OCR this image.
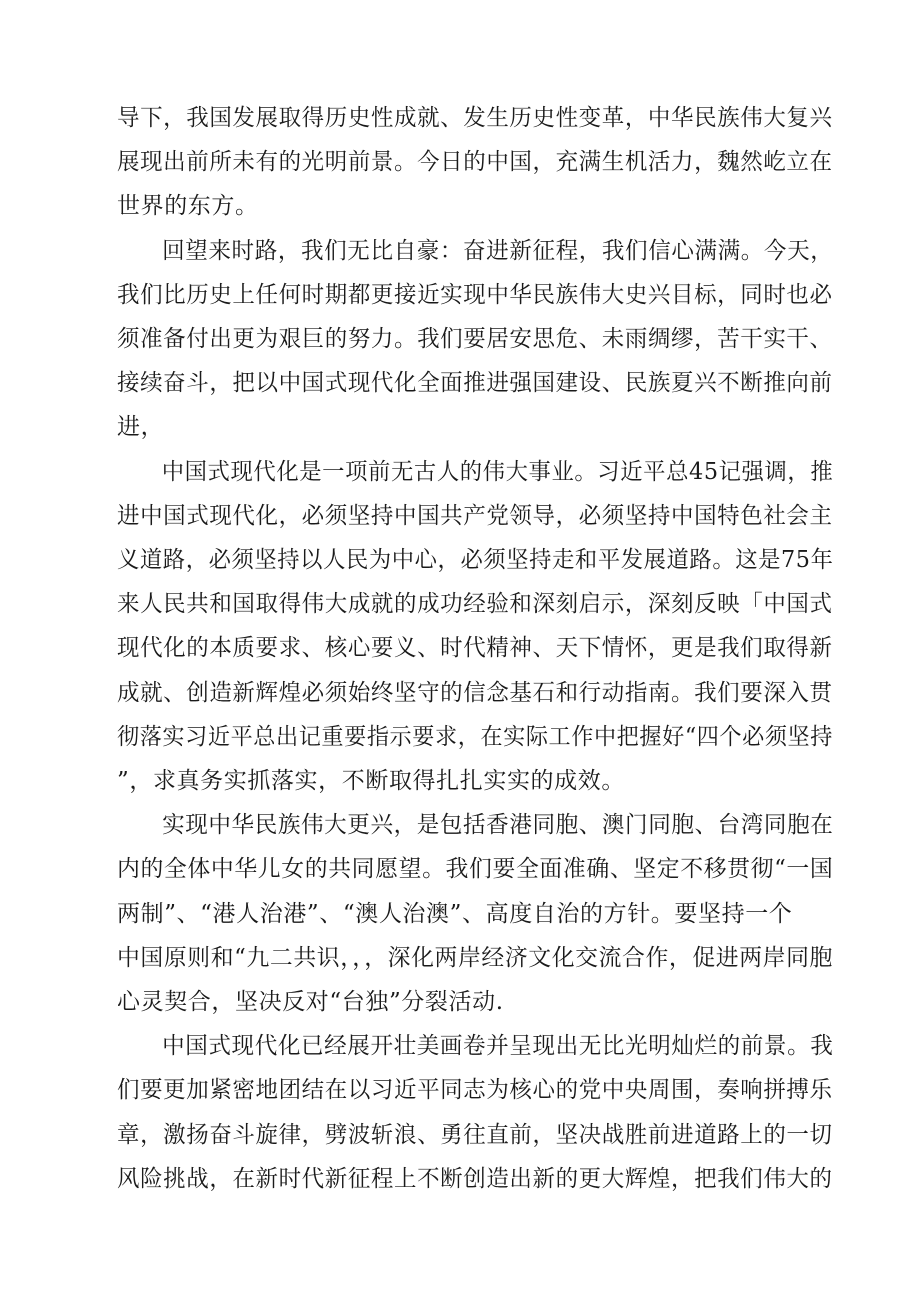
导下，我国发展取得历史性成就、发生历史性变革，中华民族伟大复兴
展现出前所未有的光明前景。今日的中国，充满生机活力，魏然屹立在
世界的东方。
回望来时路，我们无比自豪：奋进新征程，我们信心满满。今天，
我们比历史上任何时期都更接近实现中华民族伟大史兴目标，同时也必
须准备付出更为艰巨的努力。我们要居安思危、未雨绸缪，苦干实干、
接续奋斗，把以中国式现代化全面推进强国建设、民族夏兴不断推向前
进，
中国式现代化是一项前无古人的伟大事业。习近平总45记强调，推
进中国式现代化，必须坚持中国共产党领导，必须坚持中国特色社会主
义道路，必须坚持以人民为中心，必须坚持走和平发展道路。这是75年
来人民共和国取得伟大成就的成功经验和深刻启示，深刻反映「中国式
现代化的本质要求、核心要义、时代精神、天下情怀，更是我们取得新
成就、创造新辉煌必须始终坚守的信念基石和行动指南。我们要深入贯
彻落实习近平总出记重要指示要求，在实际工作中把握好“四个必须坚持
”，求真务实抓落实，不断取得扎扎实实的成效。
实现中华民族伟大更兴，是包括香港同胞、澳门同胞、台湾同胞在
内的全体中华儿女的共同愿望。我们要全面准确、坚定不移贯彻“一国
两制”、“港人治港”、“澳人治澳”、高度自治的方针。要坚持一个
中国原则和“九二共识，，，深化两岸经济文化交流合作，促进两岸同胞
心灵契合，坚决反对“台独”分裂活动.
中国式现代化已经展开壮美画卷并呈现出无比光明灿烂的前景。我
们要更加紧密地团结在以习近平同志为核心的党中央周围，奏响拼搏乐
章，激扬奋斗旋律，劈波斩浪、勇往直前，坚决战胜前进道路上的一切
风险挑战，在新时代新征程上不断创造出新的更大辉煌，把我们伟大的
